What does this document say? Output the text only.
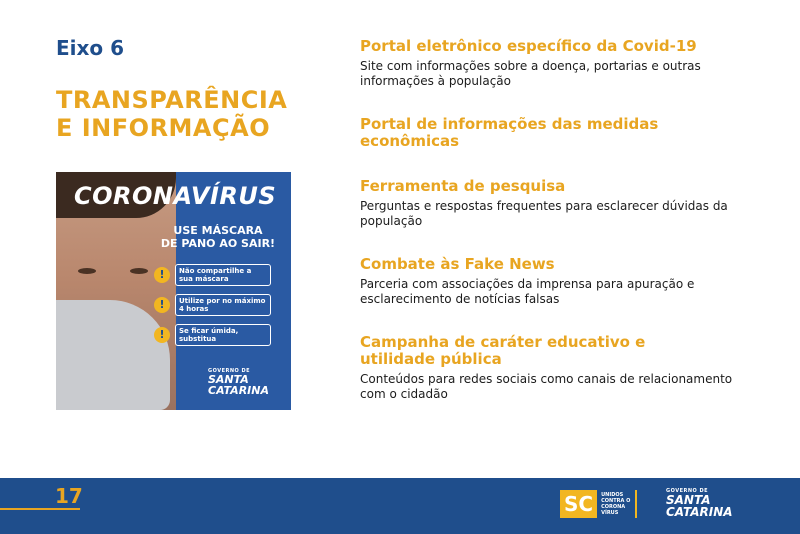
Eixo 6
TRANSPARÊNCIA
E INFORMAÇÃO
CORONAVÍRUS
USE MÁSCARA
DE PANO AO SAIR!
!	Não compartilhe a sua máscara
!	Utilize por no máximo 4 horas
!	Se ficar úmida, substitua
GOVERNO DE
SANTA
CATARINA
Portal eletrônico específico da Covid-19
Site com informações sobre a doença, portarias e outras informações à população
Portal de informações das medidas econômicas
Ferramenta de pesquisa
Perguntas e respostas frequentes para esclarecer dúvidas da população
Combate às Fake News
Parceria com associações da imprensa para apuração e esclarecimento de notícias falsas
Campanha de caráter educativo e utilidade pública
Conteúdos para redes sociais como canais de relacionamento com o cidadão
17	SC	UNIDOS CONTRA O CORONA VÍRUS
GOVERNO DE
SANTA
CATARINA
